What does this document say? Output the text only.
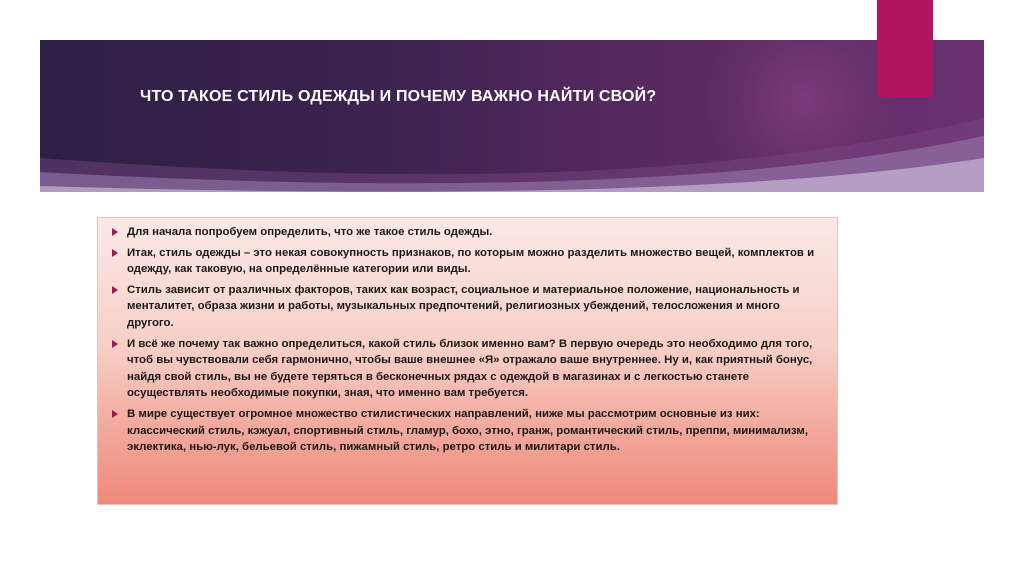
ЧТО ТАКОЕ СТИЛЬ ОДЕЖДЫ И ПОЧЕМУ ВАЖНО НАЙТИ СВОЙ?
Для начала попробуем определить, что же такое стиль одежды.
Итак, стиль одежды – это некая совокупность признаков, по которым можно разделить множество вещей, комплектов и одежду, как таковую, на определённые категории или виды.
Стиль зависит от различных факторов, таких как возраст, социальное и материальное положение, национальность и менталитет, образа жизни и работы, музыкальных предпочтений, религиозных убеждений, телосложения и много другого.
И всё же почему так важно определиться, какой стиль близок именно вам? В первую очередь это необходимо для того, чтоб вы чувствовали себя гармонично, чтобы ваше внешнее «Я» отражало ваше внутреннее. Ну и, как приятный бонус, найдя свой стиль, вы не будете теряться в бесконечных рядах с одеждой в магазинах и с легкостью станете осуществлять необходимые покупки, зная, что именно вам требуется.
В мире существует огромное множество стилистических направлений, ниже мы рассмотрим основные из них: классический стиль, кэжуал, спортивный стиль, гламур, бохо, этно, гранж, романтический стиль, преппи, минимализм, эклектика, нью-лук, бельевой стиль, пижамный стиль, ретро стиль и милитари стиль.
